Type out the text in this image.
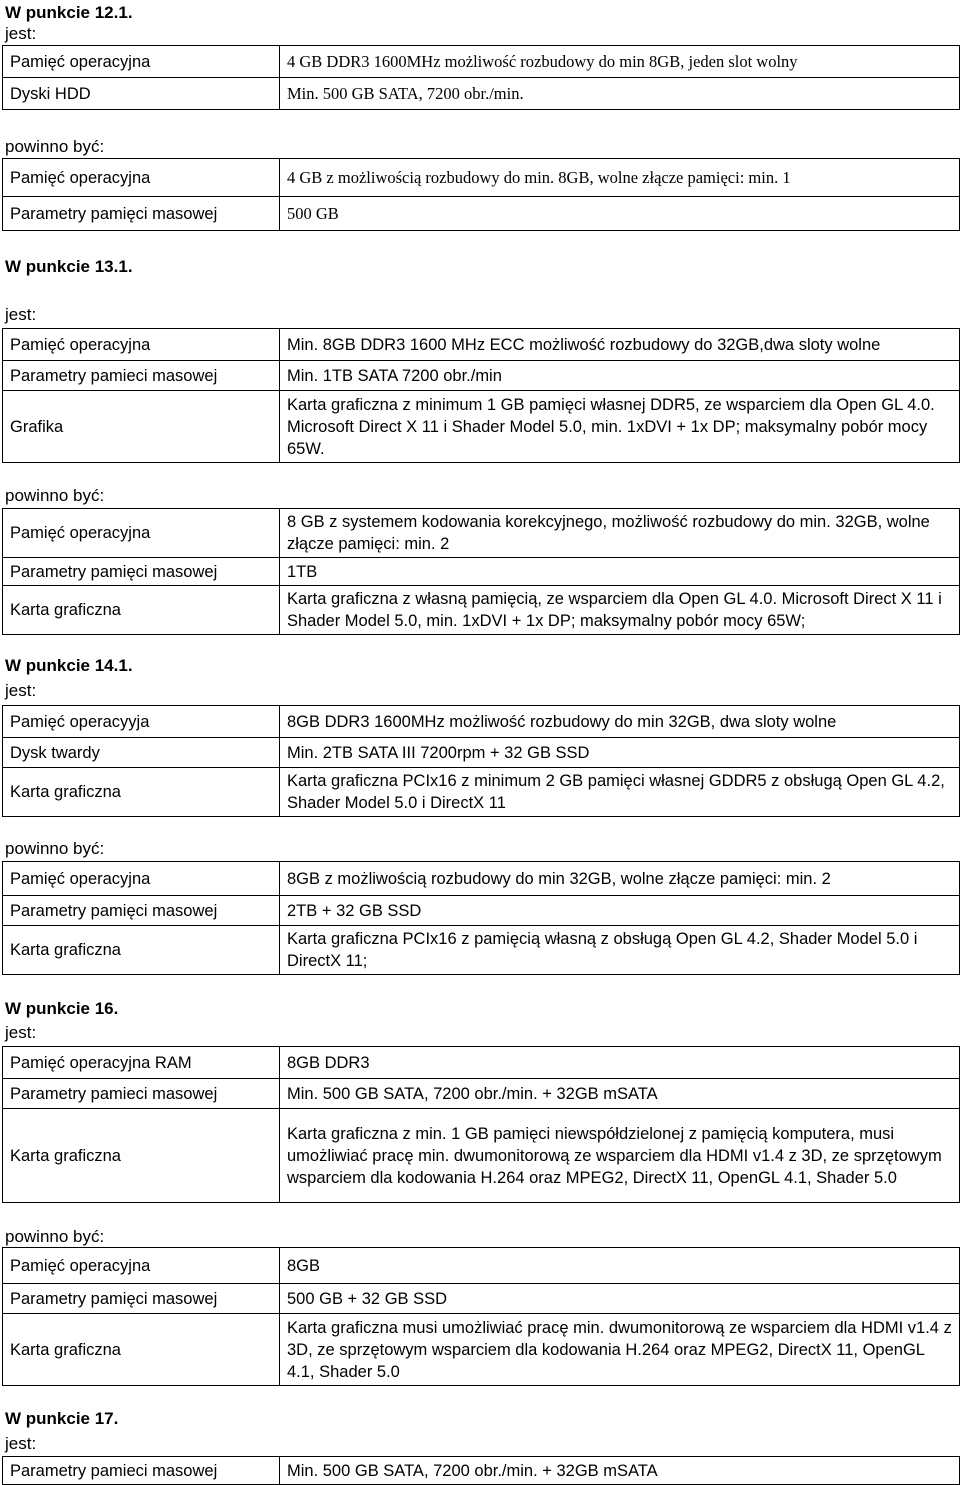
W punkcie 12.1.
jest:
Pamięć operacyjna	4 GB DDR3 1600MHz możliwość rozbudowy do min 8GB, jeden slot wolny
Dyski HDD	Min. 500 GB SATA, 7200 obr./min.
powinno być:
Pamięć operacyjna	4 GB z możliwością rozbudowy do min. 8GB, wolne złącze pamięci: min. 1
Parametry pamięci masowej	500 GB
W punkcie 13.1.
jest:
Pamięć operacyjna	Min. 8GB DDR3 1600 MHz ECC możliwość rozbudowy do 32GB,dwa sloty wolne
Parametry pamieci masowej	Min. 1TB SATA 7200 obr./min
Grafika	Karta graficzna z minimum 1 GB pamięci własnej DDR5, ze wsparciem dla Open GL 4.0. Microsoft Direct X 11 i Shader Model 5.0, min. 1xDVI + 1x DP; maksymalny pobór mocy 65W.
powinno być:
Pamięć operacyjna	8 GB z systemem kodowania korekcyjnego, możliwość rozbudowy do min. 32GB, wolne złącze pamięci: min. 2
Parametry pamięci masowej	1TB
Karta graficzna	Karta graficzna z własną pamięcią, ze wsparciem dla Open GL 4.0. Microsoft Direct X 11 i Shader Model 5.0, min. 1xDVI + 1x DP; maksymalny pobór mocy 65W;
W punkcie 14.1.
jest:
Pamięć operacyyja	8GB DDR3 1600MHz możliwość rozbudowy do min 32GB, dwa sloty wolne
Dysk twardy	Min. 2TB SATA III 7200rpm + 32 GB SSD
Karta graficzna	Karta graficzna PCIx16 z minimum 2 GB pamięci własnej GDDR5 z obsługą Open GL 4.2, Shader Model 5.0 i DirectX 11
powinno być:
Pamięć operacyjna	8GB z możliwością rozbudowy do min 32GB, wolne złącze pamięci: min. 2
Parametry pamięci masowej	2TB + 32 GB SSD
Karta graficzna	Karta graficzna PCIx16 z pamięcią własną z obsługą Open GL 4.2, Shader Model 5.0 i DirectX 11;
W punkcie 16.
jest:
Pamięć operacyjna RAM	8GB DDR3
Parametry pamieci masowej	Min. 500 GB SATA, 7200 obr./min. + 32GB mSATA
Karta graficzna	Karta graficzna z min. 1 GB pamięci niewspółdzielonej z pamięcią komputera, musi umożliwiać pracę min. dwumonitorową ze wsparciem dla HDMI v1.4 z 3D, ze sprzętowym wsparciem dla kodowania H.264 oraz MPEG2, DirectX 11, OpenGL 4.1, Shader 5.0
powinno być:
Pamięć operacyjna	8GB
Parametry pamięci masowej	500 GB + 32 GB SSD
Karta graficzna	Karta graficzna musi umożliwiać pracę min. dwumonitorową ze wsparciem dla HDMI v1.4 z 3D, ze sprzętowym wsparciem dla kodowania H.264 oraz MPEG2, DirectX 11, OpenGL 4.1, Shader 5.0
W punkcie 17.
jest:
Parametry pamieci masowej	Min. 500 GB SATA, 7200 obr./min. + 32GB mSATA
